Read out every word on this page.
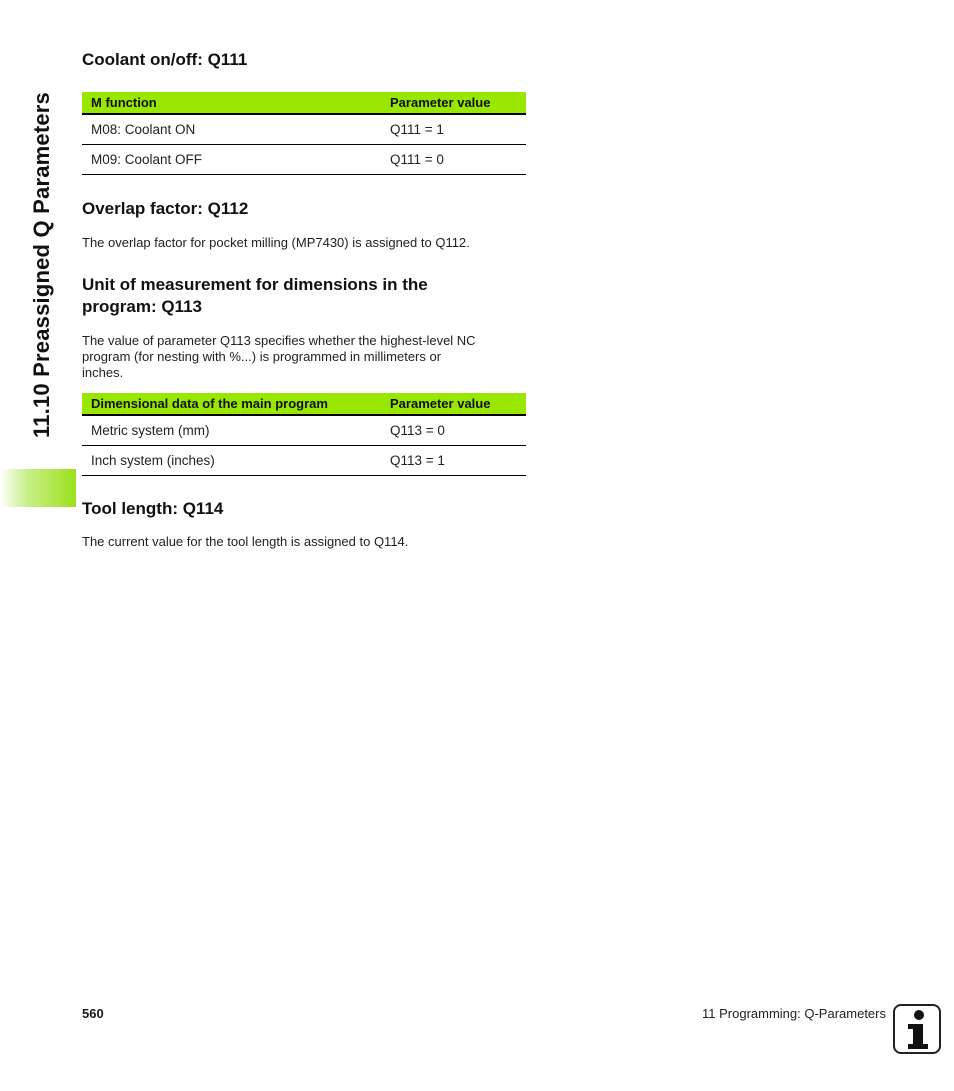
11.10 Preassigned Q Parameters
Coolant on/off: Q111
M function	Parameter value
M08: Coolant ON	Q111 = 1
M09: Coolant OFF	Q111 = 0
Overlap factor: Q112

The overlap factor for pocket milling (MP7430) is assigned to Q112.

Unit of measurement for dimensions in the
program: Q113

The value of parameter Q113 specifies whether the highest-level NC
program (for nesting with %...) is programmed in millimeters or
inches.

Dimensional data of the main program	Parameter value
Metric system (mm)	Q113 = 0
Inch system (inches)	Q113 = 1
Tool length: Q114

The current value for the tool length is assigned to Q114.

560	11 Programming: Q-Parameters
